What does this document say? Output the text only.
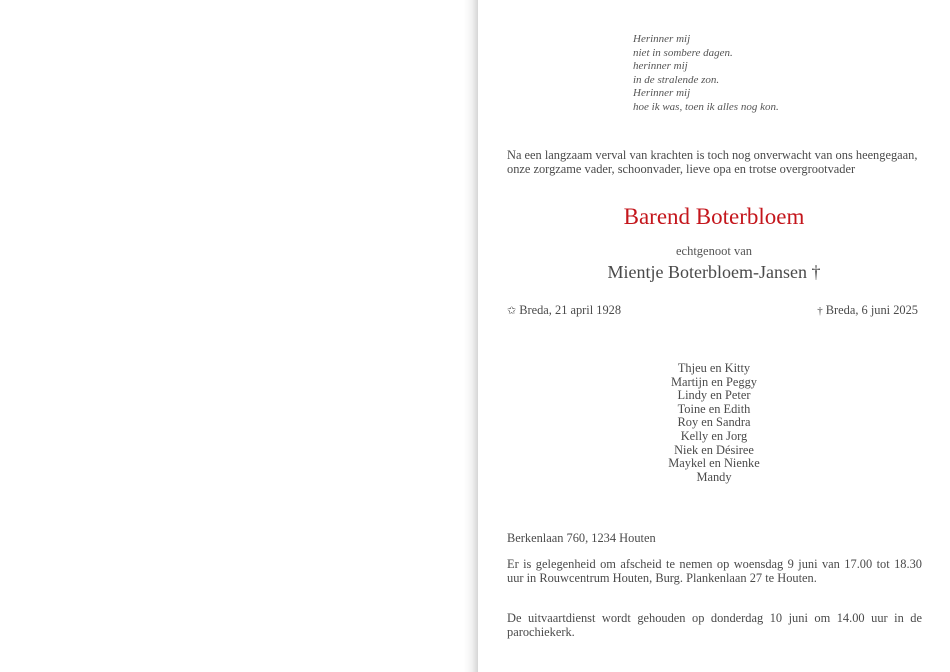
Herinner mij
niet in sombere dagen.
herinner mij
in de stralende zon.
Herinner mij
hoe ik was, toen ik alles nog kon.
Na een langzaam verval van krachten is toch nog onverwacht van ons heengegaan, onze zorgzame vader, schoonvader, lieve opa en trotse overgrootvader
Barend Boterbloem
echtgenoot van
Mientje Boterbloem-Jansen †
✩ Breda, 21 april 1928	† Breda, 6 juni 2025
Thjeu en Kitty
Martijn en Peggy
Lindy en Peter
Toine en Edith
Roy en Sandra
Kelly en Jorg
Niek en Désiree
Maykel en Nienke
Mandy
Berkenlaan 760, 1234 Houten
Er is gelegenheid om afscheid te nemen op woensdag 9 juni van 17.00 tot 18.30 uur in Rouwcentrum Houten, Burg. Plankenlaan 27 te Houten.
De uitvaartdienst wordt gehouden op donderdag 10 juni om 14.00 uur in de parochiekerk.
